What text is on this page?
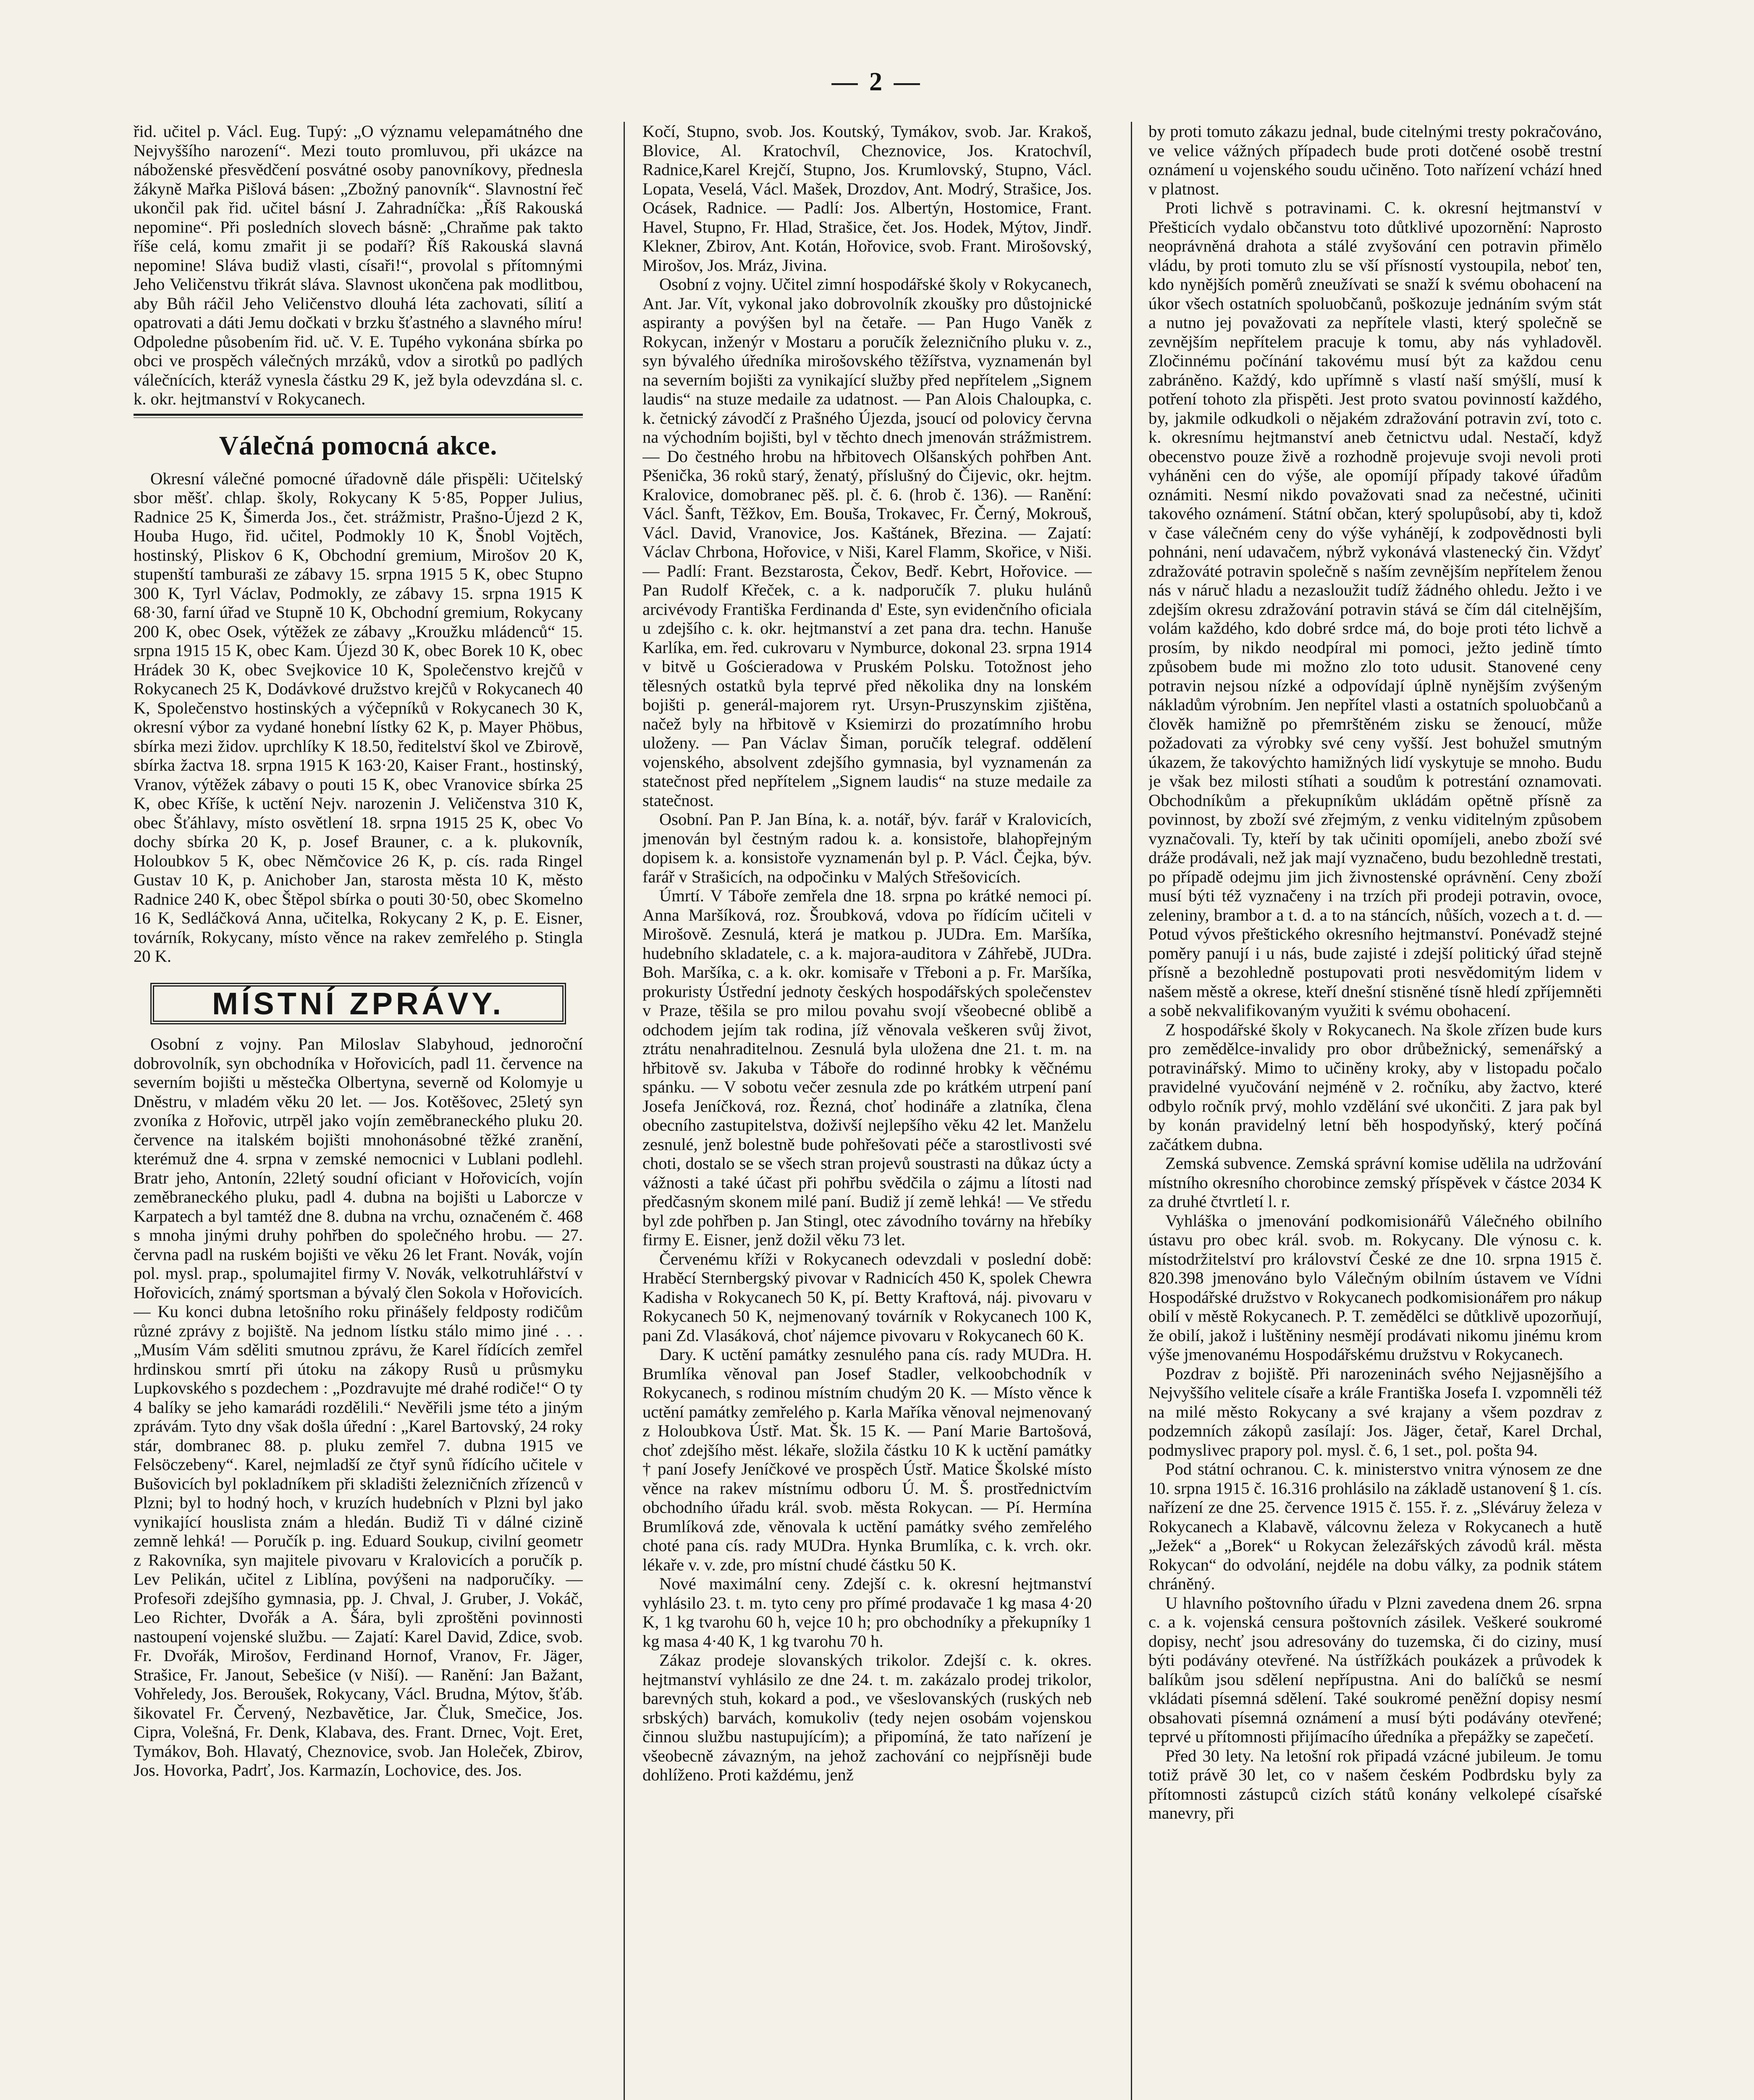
— 2 —

řid. učitel p. Václ. Eug. Tupý: „O významu velepamátného dne Nejvyššího narození“. Mezi touto promluvou, při ukázce na náboženské přesvědčení posvátné osoby panovníkovy, přednesla žákyně Mařka Pišlová básen: „Zbožný panovník“. Slavnostní řeč ukončil pak řid. učitel básní J. Zahradníčka: „Říš Rakouská nepomine“. Při posledních slovech básně: „Chraňme pak takto říše celá, komu zmařit ji se podaří? Říš Rakouská slavná nepomine! Sláva budiž vlasti, císaři!“, provolal s přítomnými Jeho Veličenstvu třikrát sláva. Slavnost ukončena pak modlitbou, aby Bůh ráčil Jeho Veličenstvo dlouhá léta zachovati, sílití a opatrovati a dáti Jemu dočkati v brzku šťastného a slavného míru! Odpoledne působením řid. uč. V. E. Tupého vykonána sbírka po obci ve prospěch válečných mrzáků, vdov a sirotků po padlých válečnících, kteráž vynesla částku 29 K, jež byla odevzdána sl. c. k. okr. hejtmanství v Rokycanech.

Válečná pomocná akce.

Okresní válečné pomocné úřadovně dále přispěli: Učitelský sbor měšť. chlap. školy, Rokycany K 5·85, Popper Julius, Radnice 25 K, Šimerda Jos., čet. strážmistr, Prašno-Újezd 2 K, Houba Hugo, řid. učitel, Podmokly 10 K, Šnobl Vojtěch, hostinský, Pliskov 6 K, Obchodní gremium, Mirošov 20 K, stupenští tamburaši ze zábavy 15. srpna 1915 5 K, obec Stupno 300 K, Tyrl Václav, Podmokly, ze zábavy 15. srpna 1915 K 68·30, farní úřad ve Stupně 10 K, Obchodní gremium, Rokycany 200 K, obec Osek, výtěžek ze zábavy „Kroužku mládenců“ 15. srpna 1915 15 K, obec Kam. Újezd 30 K, obec Borek 10 K, obec Hrádek 30 K, obec Svejkovice 10 K, Společenstvo krejčů v Rokycanech 25 K, Dodávkové družstvo krejčů v Rokycanech 40 K, Společenstvo hostinských a výčepníků v Rokycanech 30 K, okresní výbor za vydané honební lístky 62 K, p. Mayer Phöbus, sbírka mezi židov. uprchlíky K 18.50, ředitelství škol ve Zbirově, sbírka žactva 18. srpna 1915 K 163·20, Kaiser Frant., hostinský, Vranov, výtěžek zábavy o pouti 15 K, obec Vranovice sbírka 25 K, obec Kříše, k uctění Nejv. narozenin J. Veličenstva 310 K, obec Šťáhlavy, místo osvětlení 18. srpna 1915 25 K, obec Vo dochy sbírka 20 K, p. Josef Brauner, c. a k. plukovník, Holoubkov 5 K, obec Němčovice 26 K, p. cís. rada Ringel Gustav 10 K, p. Anichober Jan, starosta města 10 K, město Radnice 240 K, obec Štěpol sbírka o pouti 30·50, obec Skomelno 16 K, Sedláčková Anna, učitelka, Rokycany 2 K, p. E. Eisner, továrník, Rokycany, místo věnce na rakev zemřelého p. Stingla 20 K.

MÍSTNÍ ZPRÁVY.

Osobní z vojny. Pan Miloslav Slabyhoud, jednoroční dobrovolník, syn obchodníka v Hořovicích, padl 11. července na severním bojišti u městečka Olbertyna, severně od Kolomyje u Dněstru, v mladém věku 20 let. — Jos. Kotěšovec, 25letý syn zvoníka z Hořovic, utrpěl jako vojín zeměbraneckého pluku 20. července na italském bojišti mnohonásobné těžké zranění, kterémuž dne 4. srpna v zemské nemocnici v Lublani podlehl. Bratr jeho, Antonín, 22letý soudní oficiant v Hořovicích, vojín zeměbraneckého pluku, padl 4. dubna na bojišti u Laborcze v Karpatech a byl tamtéž dne 8. dubna na vrchu, označeném č. 468 s mnoha jinými druhy pohřben do společného hrobu. — 27. června padl na ruském bojišti ve věku 26 let Frant. Novák, vojín pol. mysl. prap., spolumajitel firmy V. Novák, velkotruhlářství v Hořovicích, známý sportsman a bývalý člen Sokola v Hořovicích. — Ku konci dubna letošního roku přinášely feldposty rodičům různé zprávy z bojiště. Na jednom lístku stálo mimo jiné . . . „Musím Vám sděliti smutnou zprávu, že Karel řídících zemřel hrdinskou smrtí při útoku na zákopy Rusů u průsmyku Lupkovského s pozdechem : „Pozdravujte mé drahé rodiče!“ O ty 4 balíky se jeho kamarádi rozdělili.“ Nevěřili jsme této a jiným zprávám. Tyto dny však došla úřední : „Karel Bartovský, 24 roky stár, dombranec 88. p. pluku zemřel 7. dubna 1915 ve Felsöczebeny“. Karel, nejmladší ze čtyř synů řídícího učitele v Bušovicích byl pokladníkem při skladišti železničních zřízenců v Plzni; byl to hodný hoch, v kruzích hudebních v Plzni byl jako vynikající houslista znám a hledán. Budiž Ti v dálné cizině zemně lehká! — Poručík p. ing. Eduard Soukup, civilní geometr z Rakovníka, syn majitele pivovaru v Kralovicích a poručík p. Lev Pelikán, učitel z Liblína, povýšeni na nadporučíky. — Profesoři zdejšího gymnasia, pp. J. Chval, J. Gruber, J. Vokáč, Leo Richter, Dvořák a A. Šára, byli zproštěni povinnosti nastoupení vojenské službu. — Zajatí: Karel David, Zdice, svob. Fr. Dvořák, Mirošov, Ferdinand Hornof, Vranov, Fr. Jäger, Strašice, Fr. Janout, Sebešice (v Niší). — Ranění: Jan Bažant, Vohřeledy, Jos. Beroušek, Rokycany, Václ. Brudna, Mýtov, šťáb. šikovatel Fr. Červený, Nezbavětice, Jar. Čluk, Smečice, Jos. Cipra, Volešná, Fr. Denk, Klabava, des. Frant. Drnec, Vojt. Eret, Tymákov, Boh. Hlavatý, Cheznovice, svob. Jan Holeček, Zbirov, Jos. Hovorka, Padrť, Jos. Karmazín, Lochovice, des. Jos.

Kočí, Stupno, svob. Jos. Koutský, Tymákov, svob. Jar. Krakoš, Blovice, Al. Kratochvíl, Cheznovice, Jos. Kratochvíl, Radnice,Karel Krejčí, Stupno, Jos. Krumlovský, Stupno, Václ. Lopata, Veselá, Václ. Mašek, Drozdov, Ant. Modrý, Strašice, Jos. Ocásek, Radnice. — Padlí: Jos. Albertýn, Hostomice, Frant. Havel, Stupno, Fr. Hlad, Strašice, čet. Jos. Hodek, Mýtov, Jindř. Klekner, Zbirov, Ant. Kotán, Hořovice, svob. Frant. Mirošovský, Mirošov, Jos. Mráz, Jivina.

Osobní z vojny. Učitel zimní hospodářské školy v Rokycanech, Ant. Jar. Vít, vykonal jako dobrovolník zkoušky pro důstojnické aspiranty a povýšen byl na četaře. — Pan Hugo Vaněk z Rokycan, inženýr v Mostaru a poručík železničního pluku v. z., syn bývalého úředníka mirošovského těžířstva, vyznamenán byl na severním bojišti za vynikající služby před nepřítelem „Signem laudis“ na stuze medaile za udatnost. — Pan Alois Chaloupka, c. k. četnický závodčí z Prašného Újezda, jsoucí od polovicy června na východním bojišti, byl v těchto dnech jmenován strážmistrem. — Do čestného hrobu na hřbitovech Olšanských pohřben Ant. Pšenička, 36 roků starý, ženatý, příslušný do Čijevic, okr. hejtm. Kralovice, domobranec pěš. pl. č. 6. (hrob č. 136). — Ranění: Václ. Šanft, Těžkov, Em. Bouša, Trokavec, Fr. Černý, Mokrouš, Václ. David, Vranovice, Jos. Kaštánek, Březina. — Zajatí: Václav Chrbona, Hořovice, v Niši, Karel Flamm, Skořice, v Niši. — Padlí: Frant. Bezstarosta, Čekov, Bedř. Kebrt, Hořovice. — Pan Rudolf Křeček, c. a k. nadporučík 7. pluku hulánů arcivévody Františka Ferdinanda d' Este, syn evidenčního oficiala u zdejšího c. k. okr. hejtmanství a zet pana dra. techn. Hanuše Karlíka, em. řed. cukrovaru v Nymburce, dokonal 23. srpna 1914 v bitvě u Gościeradowa v Pruském Polsku. Totožnost jeho tělesných ostatků byla teprvé před několika dny na lonském bojišti p. generál-majorem ryt. Ursyn-Pruszynskim zjištěna, načež byly na hřbitově v Ksiemirzi do prozatímního hrobu uloženy. — Pan Václav Šiman, poručík telegraf. oddělení vojenského, absolvent zdejšího gymnasia, byl vyznamenán za statečnost před nepřítelem „Signem laudis“ na stuze medaile za statečnost.

Osobní. Pan P. Jan Bína, k. a. notář, býv. farář v Kralovicích, jmenován byl čestným radou k. a. konsistoře, blahopřejným dopisem k. a. konsistoře vyznamenán byl p. P. Václ. Čejka, býv. farář v Strašicích, na odpočinku v Malých Střešovicích.

Úmrtí. V Táboře zemřela dne 18. srpna po krátké nemoci pí. Anna Maršíková, roz. Šroubková, vdova po řídícím učiteli v Mirošově. Zesnulá, která je matkou p. JUDra. Em. Maršíka, hudebního skladatele, c. a k. majora-auditora v Záhřebě, JUDra. Boh. Maršíka, c. a k. okr. komisaře v Třeboni a p. Fr. Maršíka, prokuristy Ústřední jednoty českých hospodářských společenstev v Praze, těšila se pro milou povahu svojí všeobecné oblibě a odchodem jejím tak rodina, jíž věnovala veškeren svůj život, ztrátu nenahraditelnou. Zesnulá byla uložena dne 21. t. m. na hřbitově sv. Jakuba v Táboře do rodinné hrobky k věčnému spánku. — V sobotu večer zesnula zde po krátkém utrpení paní Josefa Jeníčková, roz. Řezná, choť hodináře a zlatníka, člena obecního zastupitelstva, doživší nejlepšího věku 42 let. Manželu zesnulé, jenž bolestně bude pohřešovati péče a starostlivosti své choti, dostalo se se všech stran projevů soustrasti na důkaz úcty a vážnosti a také účast při pohřbu svědčila o zájmu a lítosti nad předčasným skonem milé paní. Budiž jí země lehká! — Ve středu byl zde pohřben p. Jan Stingl, otec závodního továrny na hřebíky firmy E. Eisner, jenž dožil věku 73 let.

Červenému kříži v Rokycanech odevzdali v poslední době: Hraběcí Sternbergský pivovar v Radnicích 450 K, spolek Chewra Kadisha v Rokycanech 50 K, pí. Betty Kraftová, náj. pivovaru v Rokycanech 50 K, nejmenovaný továrník v Rokycanech 100 K, pani Zd. Vlasáková, choť nájemce pivovaru v Rokycanech 60 K.

Dary. K uctění památky zesnulého pana cís. rady MUDra. H. Brumlíka věnoval pan Josef Stadler, velkoobchodník v Rokycanech, s rodinou místním chudým 20 K. — Místo věnce k uctění památky zemřelého p. Karla Maříka věnoval nejmenovaný z Holoubkova Ústř. Mat. Šk. 15 K. — Paní Marie Bartošová, choť zdejšího měst. lékaře, složila částku 10 K k uctění památky † paní Josefy Jeníčkové ve prospěch Ústř. Matice Školské místo věnce na rakev místnímu odboru Ú. M. Š. prostřednictvím obchodního úřadu král. svob. města Rokycan. — Pí. Hermína Brumlíková zde, věnovala k uctění památky svého zemřelého choté pana cís. rady MUDra. Hynka Brumlíka, c. k. vrch. okr. lékaře v. v. zde, pro místní chudé částku 50 K.

Nové maximální ceny. Zdejší c. k. okresní hejtmanství vyhlásilo 23. t. m. tyto ceny pro přímé prodavače 1 kg masa 4·20 K, 1 kg tvarohu 60 h, vejce 10 h; pro obchodníky a překupníky 1 kg masa 4·40 K, 1 kg tvarohu 70 h.

Zákaz prodeje slovanských trikolor. Zdejší c. k. okres. hejtmanství vyhlásilo ze dne 24. t. m. zakázalo prodej trikolor, barevných stuh, kokard a pod., ve všeslovanských (ruských neb srbských) barvách, komukoliv (tedy nejen osobám vojenskou činnou službu nastupujícím); a připomíná, že tato nařízení je všeobecně závazným, na jehož zachování co nejpřísněji bude dohlíženo. Proti každému, jenž

by proti tomuto zákazu jednal, bude citelnými tresty pokračováno, ve velice vážných případech bude proti dotčené osobě trestní oznámení u vojenského soudu učiněno. Toto nařízení vchází hned v platnost.

Proti lichvě s potravinami. C. k. okresní hejtmanství v Přešticích vydalo občanstvu toto důtklivé upozornění: Naprosto neoprávněná drahota a stálé zvyšování cen potravin přimělo vládu, by proti tomuto zlu se vší přísností vystoupila, neboť ten, kdo nynějších poměrů zneužívati se snaží k svému obohacení na úkor všech ostatních spoluobčanů, poškozuje jednáním svým stát a nutno jej považovati za nepřítele vlasti, který společně se zevnějším nepřítelem pracuje k tomu, aby nás vyhladověl. Zločinnému počínání takovému musí být za každou cenu zabráněno. Každý, kdo upřímně s vlastí naší smýšlí, musí k potření tohoto zla přispěti. Jest proto svatou povinností každého, by, jakmile odkudkoli o nějakém zdražování potravin zví, toto c. k. okresnímu hejtmanství aneb četnictvu udal. Nestačí, když obecenstvo pouze živě a rozhodně projevuje svoji nevoli proti vyháněni cen do výše, ale opomíjí případy takové úřadům oznámiti. Nesmí nikdo považovati snad za nečestné, učiniti takového oznámení. Státní občan, který spolupůsobí, aby ti, kdož v čase válečném ceny do výše vyhánějí, k zodpovědnosti byli pohnáni, není udavačem, nýbrž vykonává vlastenecký čin. Vždyť zdražováté potravin společně s naším zevnějším nepřítelem ženou nás v náruč hladu a nezasloužit tudíž žádného ohledu. Ježto i ve zdejším okresu zdražování potravin stává se čím dál citelnějším, volám každého, kdo dobré srdce má, do boje proti této lichvě a prosím, by nikdo neodpíral mi pomoci, ježto jedině tímto způsobem bude mi možno zlo toto udusit. Stanovené ceny potravin nejsou nízké a odpovídají úplně nynějším zvýšeným nákladům výrobním. Jen nepřítel vlasti a ostatních spoluobčanů a člověk hamižně po přemrštěném zisku se ženoucí, může požadovati za výrobky své ceny vyšší. Jest bohužel smutným úkazem, že takovýchto hamižných lidí vyskytuje se mnoho. Budu je však bez milosti stíhati a soudům k potrestání oznamovati. Obchodníkům a překupníkům ukládám opětně přísně za povinnost, by zboží své zřejmým, z venku viditelným způsobem vyznačovali. Ty, kteří by tak učiniti opomíjeli, anebo zboží své dráže prodávali, než jak mají vyznačeno, budu bezohledně trestati, po případě odejmu jim jich živnostenské oprávnění. Ceny zboží musí býti též vyznačeny i na trzích při prodeji potravin, ovoce, zeleniny, brambor a t. d. a to na stáncích, nůších, vozech a t. d. — Potud vývos přeštického okresního hejtmanství. Ponévadž stejné poměry panují i u nás, bude zajisté i zdejší politický úřad stejně přísně a bezohledně postupovati proti nesvědomitým lidem v našem městě a okrese, kteří dnešní stisněné tísně hledí zpříjemněti a sobě nekvalifikovaným využiti k svému obohacení.

Z hospodářské školy v Rokycanech. Na škole zřízen bude kurs pro zemědělce-invalidy pro obor drůbežnický, semenářský a potravinářský. Mimo to učiněny kroky, aby v listopadu počalo pravidelné vyučování nejméně v 2. ročníku, aby žactvo, které odbylo ročník prvý, mohlo vzdělání své ukončiti. Z jara pak byl by konán pravidelný letní běh hospodyňský, který počíná začátkem dubna.

Zemská subvence. Zemská správní komise udělila na udržování místního okresního chorobince zemský příspěvek v částce 2034 K za druhé čtvrtletí l. r.

Vyhláška o jmenování podkomisionářů Válečného obilního ústavu pro obec král. svob. m. Rokycany. Dle výnosu c. k. místodržitelství pro království České ze dne 10. srpna 1915 č. 820.398 jmenováno bylo Válečným obilním ústavem ve Vídni Hospodářské družstvo v Rokycanech podkomisionářem pro nákup obilí v městě Rokycanech. P. T. zemědělci se důtklivě upozorňují, že obilí, jakož i luštěniny nesmějí prodávati nikomu jinému krom výše jmenovanému Hospodářskému družstvu v Rokycanech.

Pozdrav z bojiště. Při narozeninách svého Nejjasnějšího a Nejvyššího velitele císaře a krále Františka Josefa I. vzpomněli též na milé město Rokycany a své krajany a všem pozdrav z podzemních zákopů zasílají: Jos. Jäger, četař, Karel Drchal, podmyslivec prapory pol. mysl. č. 6, 1 set., pol. pošta 94.

Pod státní ochranou. C. k. ministerstvo vnitra výnosem ze dne 10. srpna 1915 č. 16.316 prohlásilo na základě ustanovení § 1. cís. nařízení ze dne 25. července 1915 č. 155. ř. z. „Sléváruy železa v Rokycanech a Klabavě, válcovnu železa v Rokycanech a hutě „Ježek“ a „Borek“ u Rokycan železářských závodů král. města Rokycan“ do odvolání, nejdéle na dobu války, za podnik státem chráněný.

U hlavního poštovního úřadu v Plzni zavedena dnem 26. srpna c. a k. vojenská censura poštovních zásilek. Veškeré soukromé dopisy, nechť jsou adresovány do tuzemska, či do ciziny, musí býti podávány otevřené. Na ústřížkách poukázek a průvodek k balíkům jsou sdělení nepřípustna. Ani do balíčků se nesmí vkládati písemná sdělení. Také soukromé peněžní dopisy nesmí obsahovati písemná oznámení a musí býti podávány otevřené; teprvé u přítomnosti přijímacího úředníka a přepážky se zapečetí.

Před 30 lety. Na letošní rok připadá vzácné jubileum. Je tomu totiž právě 30 let, co v našem českém Podbrdsku byly za přítomnosti zástupců cizích států konány velkolepé císařské manevry, při
